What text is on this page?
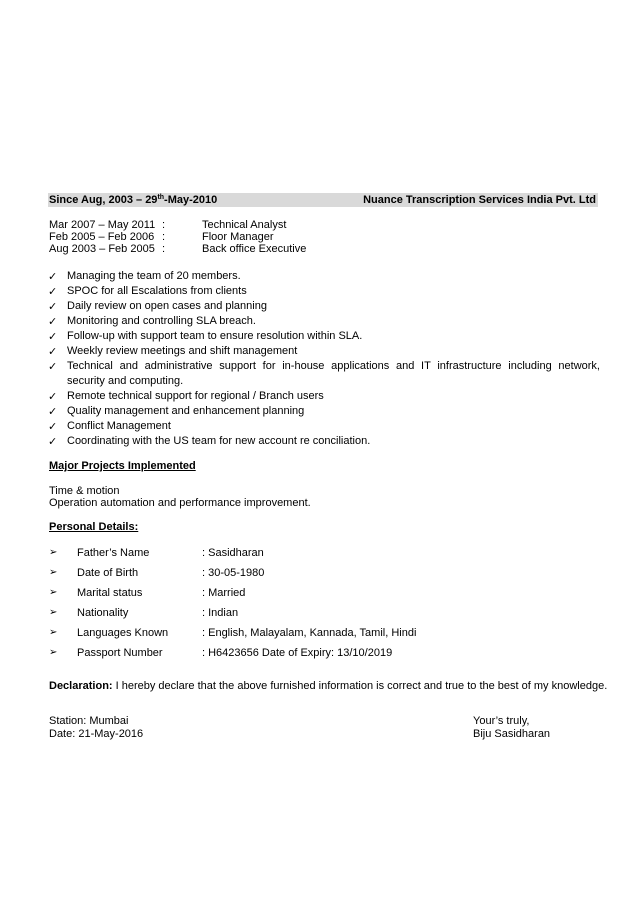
Since Aug, 2003 – 29th-May-2010	Nuance Transcription Services India Pvt. Ltd
Mar 2007 – May 2011 :	Technical Analyst
Feb 2005 – Feb 2006 :	Floor Manager
Aug 2003 – Feb 2005 :	Back office Executive
✓ Managing the team of 20 members.
✓ SPOC for all Escalations from clients
✓ Daily review on open cases and planning
✓ Monitoring and controlling SLA breach.
✓ Follow-up with support team to ensure resolution within SLA.
✓ Weekly review meetings and shift management
✓ Technical and administrative support for in-house applications and IT infrastructure including network, security and computing.
✓ Remote technical support for regional / Branch users
✓ Quality management and enhancement planning
✓ Conflict Management
✓ Coordinating with the US team for new account re conciliation.
Major Projects Implemented
Time & motion
Operation automation and performance improvement.
Personal Details:
➢ Father’s Name	: Sasidharan
➢ Date of Birth	: 30-05-1980
➢ Marital status	: Married
➢ Nationality	: Indian
➢ Languages Known	: English, Malayalam, Kannada, Tamil, Hindi
➢ Passport Number	: H6423656 Date of Expiry: 13/10/2019
Declaration: I hereby declare that the above furnished information is correct and true to the best of my knowledge.
Station: Mumbai
Date: 21-May-2016
Your’s truly,
Biju Sasidharan
